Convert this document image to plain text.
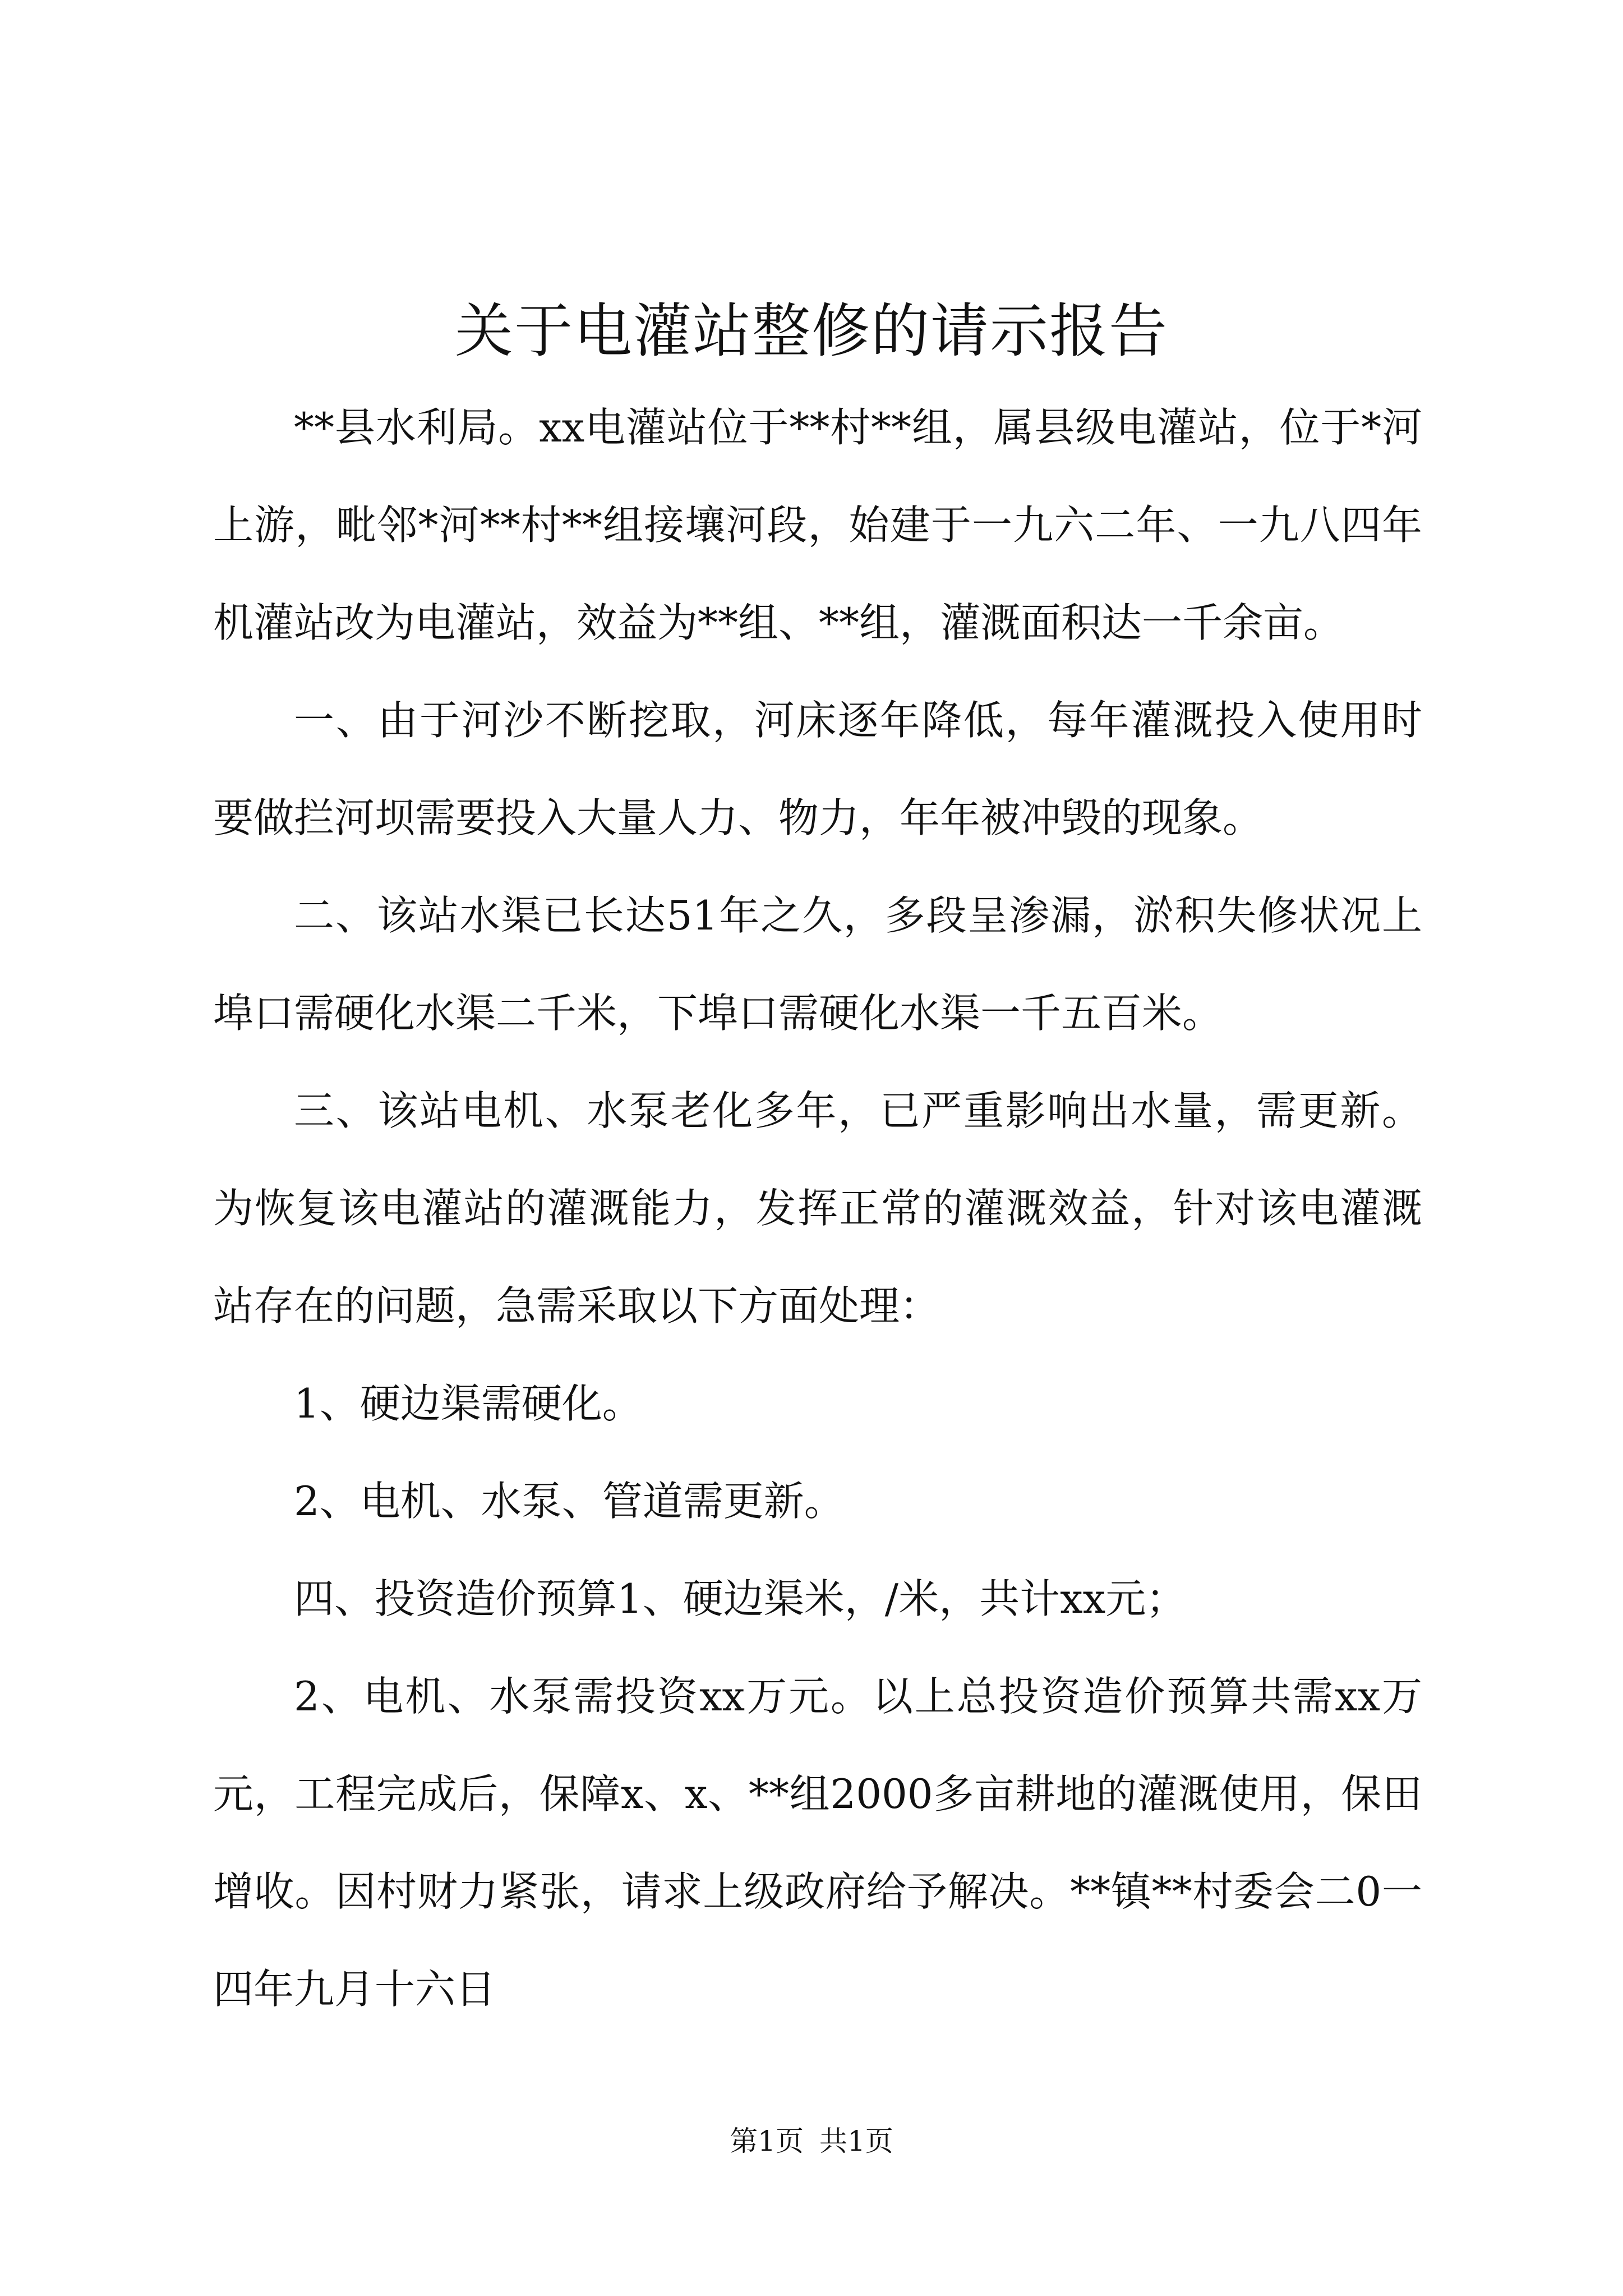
关于电灌站整修的请示报告

**县水利局。xx电灌站位于**村**组，属县级电灌站，位于*河上游，毗邻*河**村**组接壤河段，始建于一九六二年、一九八四年机灌站改为电灌站，效益为**组、**组，灌溉面积达一千余亩。

一、由于河沙不断挖取，河床逐年降低，每年灌溉投入使用时要做拦河坝需要投入大量人力、物力，年年被冲毁的现象。

二、该站水渠已长达51年之久，多段呈渗漏，淤积失修状况上埠口需硬化水渠二千米，下埠口需硬化水渠一千五百米。

三、该站电机、水泵老化多年，已严重影响出水量，需更新。为恢复该电灌站的灌溉能力，发挥正常的灌溉效益，针对该电灌溉站存在的问题，急需采取以下方面处理：

1、硬边渠需硬化。

2、电机、水泵、管道需更新。

四、投资造价预算1、硬边渠米，/米，共计xx元；

2、电机、水泵需投资xx万元。以上总投资造价预算共需xx万元，工程完成后，保障x、x、**组2000多亩耕地的灌溉使用，保田增收。因村财力紧张，请求上级政府给予解决。**镇**村委会二0一四年九月十六日

第1页 共1页
